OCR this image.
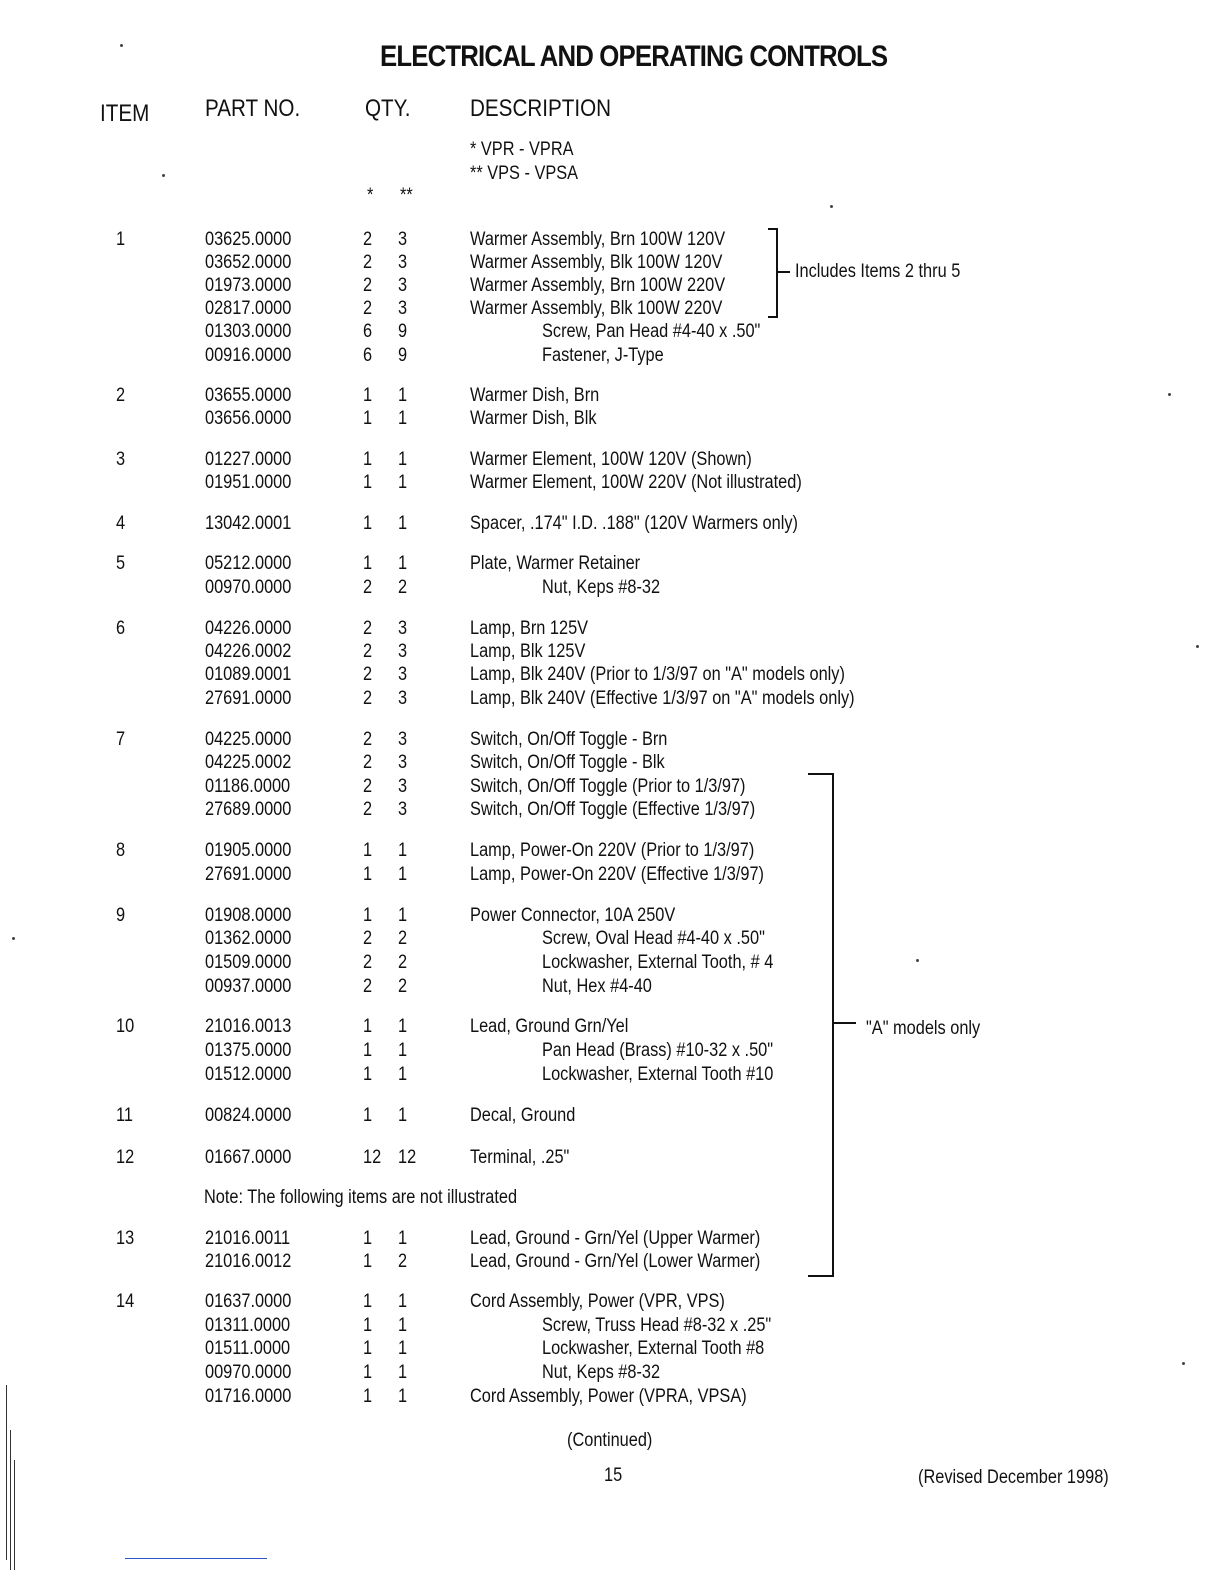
ELECTRICAL AND OPERATING CONTROLS
ITEM PART NO.	QTY. DESCRIPTION
* VPR - VPRA
** VPS - VPSA
* **
1	03625.0000	2 3	Warmer Assembly, Brn 100W 120V
03652.0000	2 3	Warmer Assembly, Blk 100W 120V
01973.0000	2 3	Warmer Assembly, Brn 100W 220V
02817.0000	2 3	Warmer Assembly, Blk 100W 220V
01303.0000	6 9	Screw, Pan Head #4-40 x .50"
00916.0000	6 9	Fastener, J-Type
2	03655.0000	1 1	Warmer Dish, Brn
03656.0000	1 1	Warmer Dish, Blk
3	01227.0000	1 1	Warmer Element, 100W 120V (Shown)
01951.0000	1 1	Warmer Element, 100W 220V (Not illustrated)
4	13042.0001	1 1	Spacer, .174" I.D. .188" (120V Warmers only)
5	05212.0000	1 1	Plate, Warmer Retainer
00970.0000	2 2	Nut, Keps #8-32
6	04226.0000	2 3	Lamp, Brn 125V
04226.0002	2 3	Lamp, Blk 125V
01089.0001	2 3	Lamp, Blk 240V (Prior to 1/3/97 on "A" models only)
27691.0000	2 3	Lamp, Blk 240V (Effective 1/3/97 on "A" models only)
7	04225.0000	2 3	Switch, On/Off Toggle - Brn
04225.0002	2 3	Switch, On/Off Toggle - Blk
01186.0000	2 3	Switch, On/Off Toggle (Prior to 1/3/97)
27689.0000	2 3	Switch, On/Off Toggle (Effective 1/3/97)
8	01905.0000	1 1	Lamp, Power-On 220V (Prior to 1/3/97)
27691.0000	1 1	Lamp, Power-On 220V (Effective 1/3/97)
9	01908.0000	1 1	Power Connector, 10A 250V
01362.0000	2 2	Screw, Oval Head #4-40 x .50"
01509.0000	2 2	Lockwasher, External Tooth, # 4
00937.0000	2 2	Nut, Hex #4-40
10	21016.0013	1 1	Lead, Ground Grn/Yel
01375.0000	1 1	Pan Head (Brass) #10-32 x .50"
01512.0000	1 1	Lockwasher, External Tooth #10
11	00824.0000	1 1	Decal, Ground
12	01667.0000	12 12	Terminal, .25"
13	21016.0011	1 1	Lead, Ground - Grn/Yel (Upper Warmer)
21016.0012	1 2	Lead, Ground - Grn/Yel (Lower Warmer)
14	01637.0000	1 1	Cord Assembly, Power (VPR, VPS)
01311.0000	1 1	Screw, Truss Head #8-32 x .25"
01511.0000	1 1	Lockwasher, External Tooth #8
00970.0000	1 1	Nut, Keps #8-32
01716.0000	1 1	Cord Assembly, Power (VPRA, VPSA)
Note: The following items are not illustrated
Includes Items 2 thru 5
"A" models only
(Continued)
15	(Revised December 1998)
